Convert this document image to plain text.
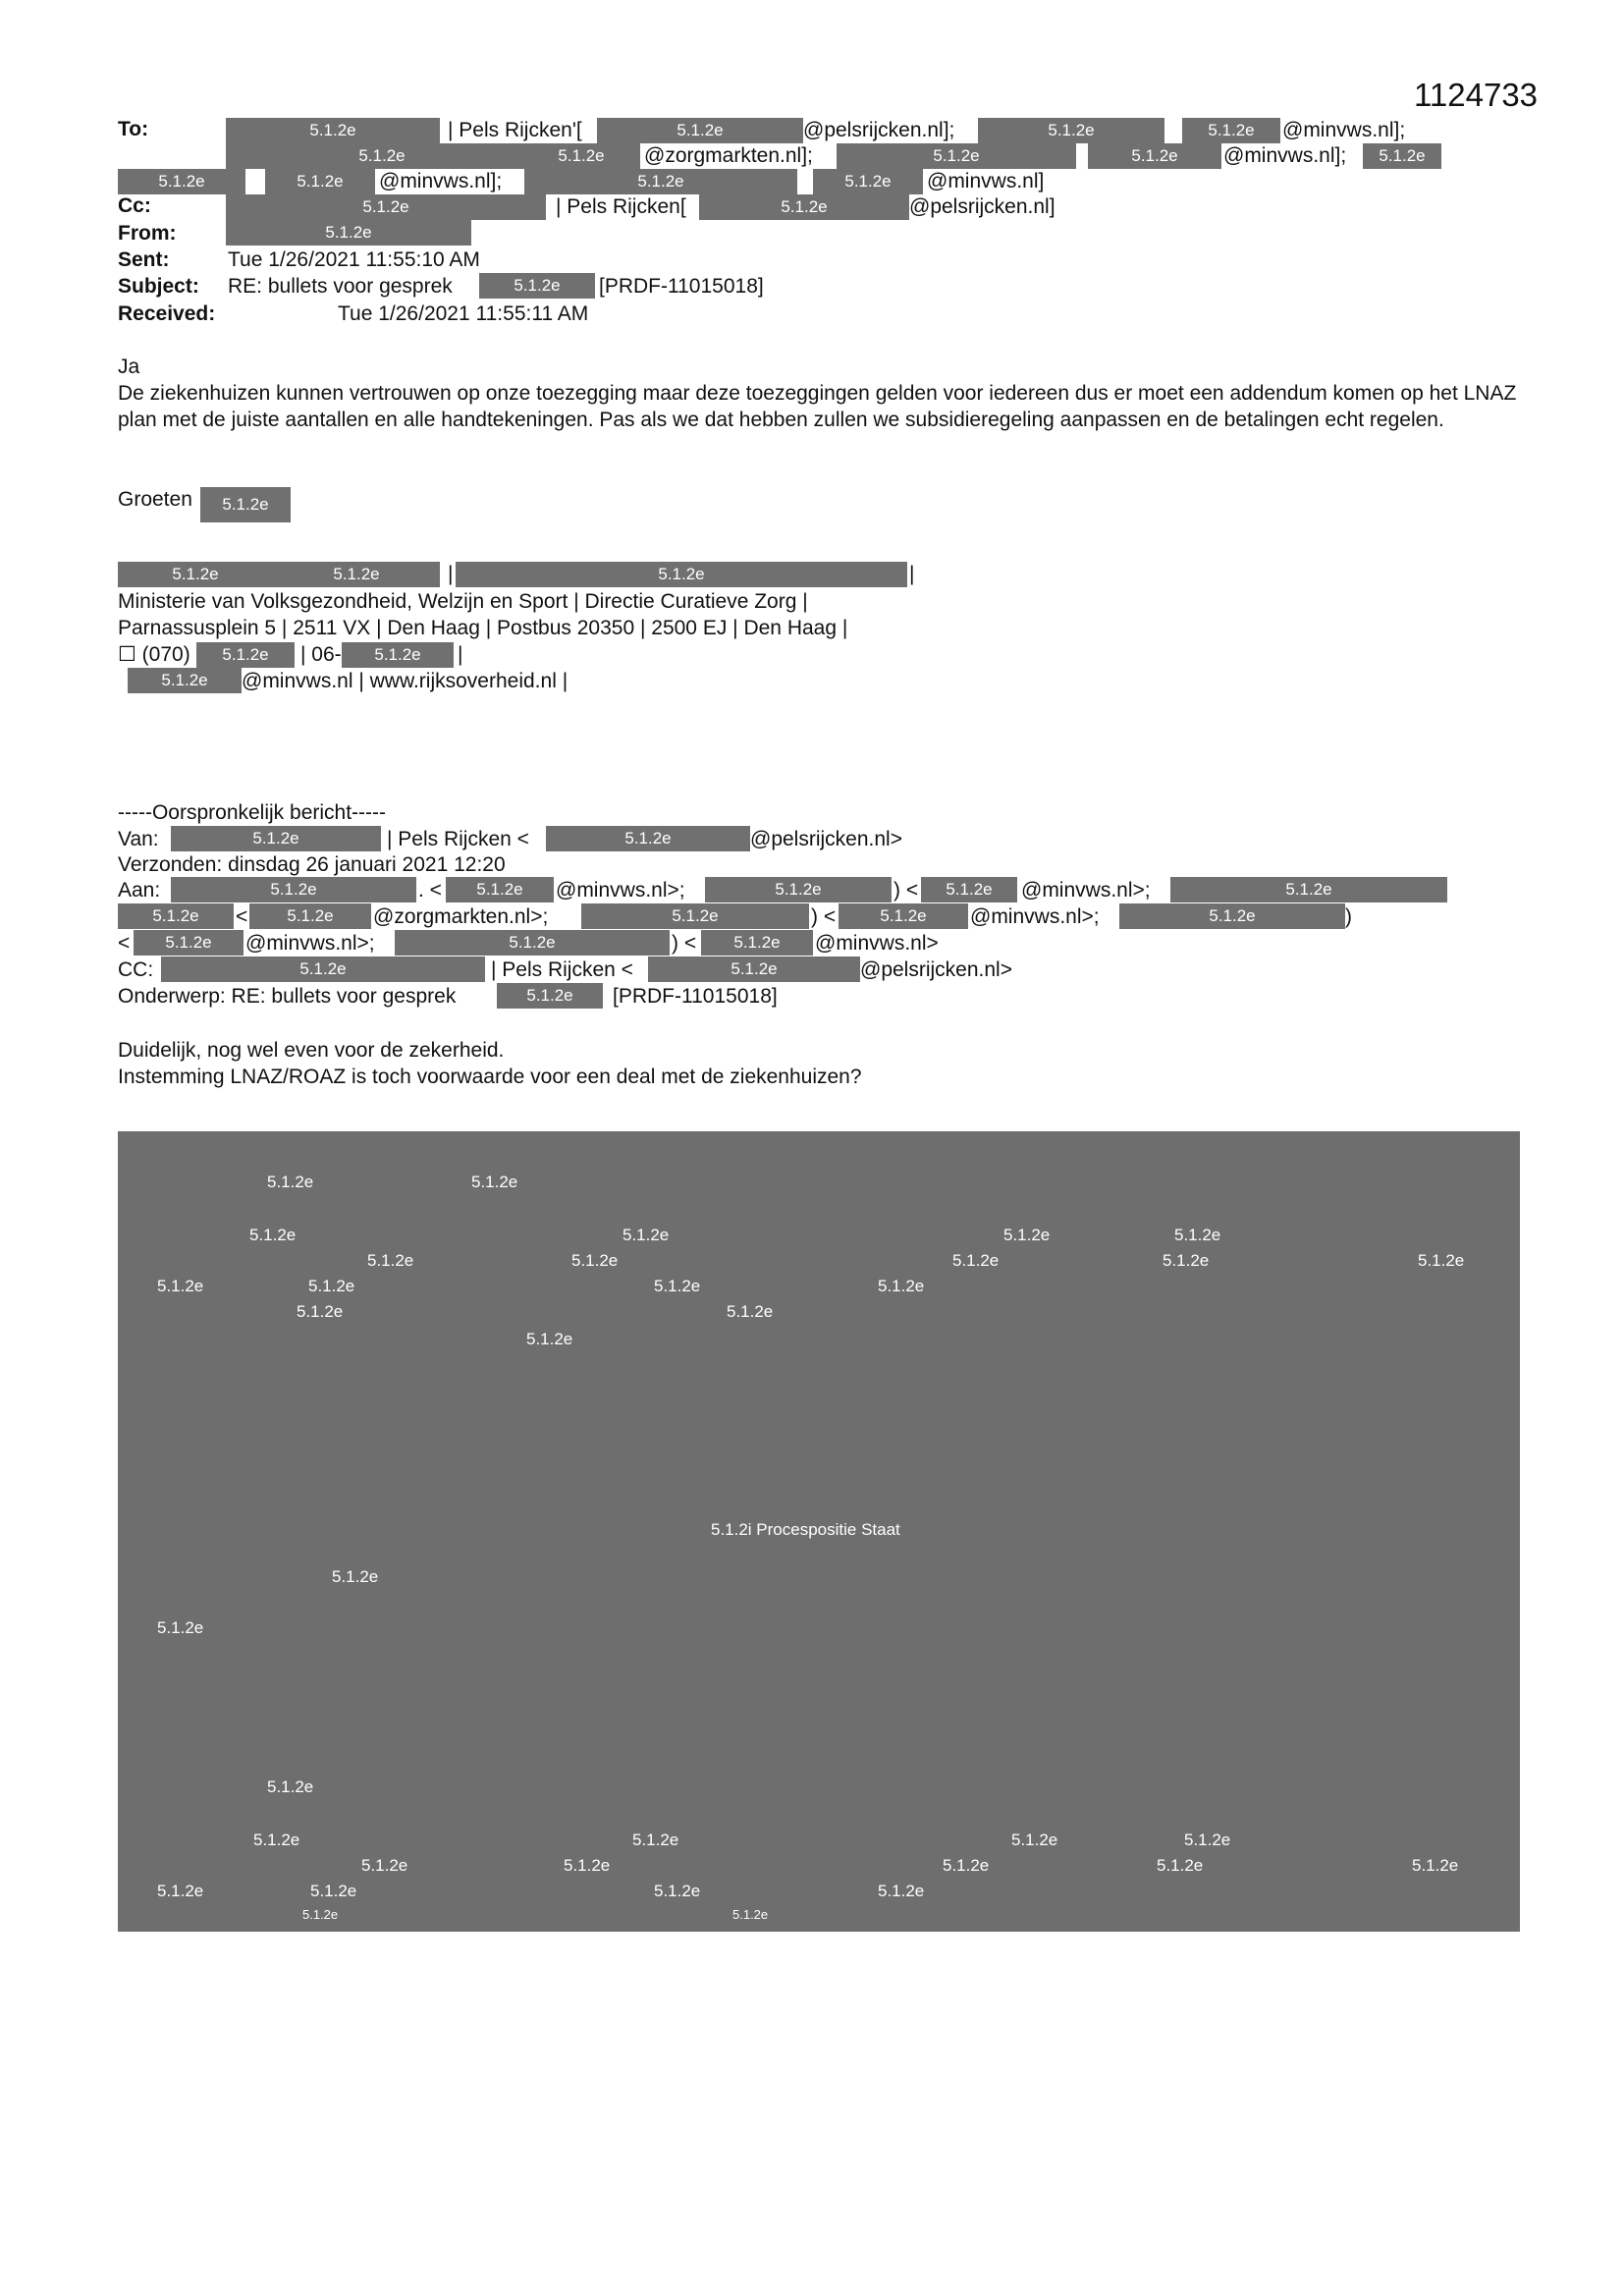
1124733
To:	5.1.2e	| Pels Rijcken'[	5.1.2e	@pelsrijcken.nl];	5.1.2e	5.1.2e	@minvws.nl];
5.1.2e	5.1.2e	@zorgmarkten.nl];	5.1.2e	5.1.2e	@minvws.nl];	5.1.2e
5.1.2e	5.1.2e	@minvws.nl];	5.1.2e	5.1.2e	@minvws.nl]
Cc:	5.1.2e	| Pels Rijcken[	5.1.2e	@pelsrijcken.nl]
From:	5.1.2e
Sent:	Tue 1/26/2021 11:55:10 AM
Subject: RE: bullets voor gesprek	5.1.2e	[PRDF-11015018]
Received:	Tue 1/26/2021 11:55:11 AM
Ja
De ziekenhuizen kunnen vertrouwen op onze toezegging maar deze toezeggingen gelden voor iedereen dus er moet een addendum komen op het LNAZ plan met de juiste aantallen en alle handtekeningen. Pas als we dat hebben zullen we subsidieregeling aanpassen en de betalingen echt regelen.
Groeten	5.1.2e
5.1.2e	5.1.2e	|	5.1.2e	|
Ministerie van Volksgezondheid, Welzijn en Sport | Directie Curatieve Zorg |
Parnassusplein 5 | 2511 VX | Den Haag | Postbus 20350 | 2500 EJ | Den Haag |
☐ (070)	5.1.2e	| 06-	5.1.2e	|
5.1.2e	@minvws.nl | www.rijksoverheid.nl |
-----Oorspronkelijk bericht-----
Van:	5.1.2e	| Pels Rijcken <	5.1.2e	@pelsrijcken.nl>
Verzonden: dinsdag 26 januari 2021 12:20
Aan:	5.1.2e	. <	5.1.2e	@minvws.nl>;	5.1.2e	) <	5.1.2e	@minvws.nl>;	5.1.2e
5.1.2e	<	5.1.2e	@zorgmarkten.nl>;	5.1.2e	) <	5.1.2e	@minvws.nl>;	5.1.2e	)
<	5.1.2e	@minvws.nl>;	5.1.2e	) <	5.1.2e	@minvws.nl>
CC:	5.1.2e	| Pels Rijcken <	5.1.2e	@pelsrijcken.nl>
Onderwerp: RE: bullets voor gesprek	5.1.2e	[PRDF-11015018]
Duidelijk, nog wel even voor de zekerheid.
Instemming LNAZ/ROAZ is toch voorwaarde voor een deal met de ziekenhuizen?
5.1.2e	5.1.2e
5.1.2e	5.1.2e	5.1.2e	5.1.2e
5.1.2e	5.1.2e	5.1.2e	5.1.2e	5.1.2e
5.1.2e	5.1.2e	5.1.2e	5.1.2e
5.1.2e	5.1.2e
5.1.2e
5.1.2i Procespositie Staat
5.1.2e
5.1.2e
5.1.2e
5.1.2e	5.1.2e	5.1.2e	5.1.2e
5.1.2e	5.1.2e	5.1.2e	5.1.2e	5.1.2e
5.1.2e	5.1.2e	5.1.2e	5.1.2e
5.1.2e	5.1.2e
